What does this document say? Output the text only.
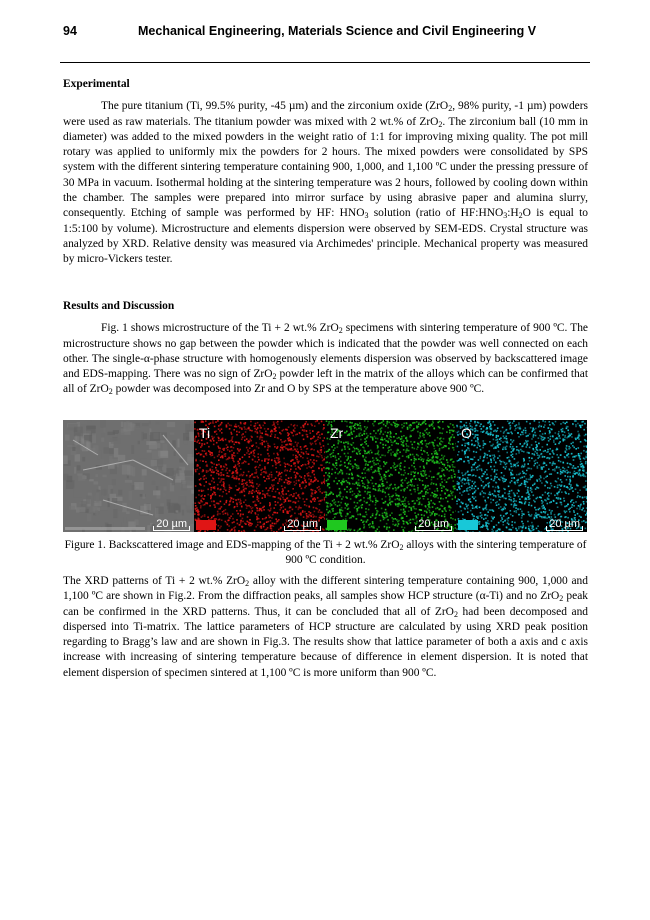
94	Mechanical Engineering, Materials Science and Civil Engineering V

Experimental

The pure titanium (Ti, 99.5% purity, -45 µm) and the zirconium oxide (ZrO$_2$, 98% purity, -1 µm) powders were used as raw materials. The titanium powder was mixed with 2 wt.% of ZrO$_2$. The zirconium ball (10 mm in diameter) was added to the mixed powders in the weight ratio of 1:1 for improving mixing quality. The pot mill rotary was applied to uniformly mix the powders for 2 hours. The mixed powders were consolidated by SPS system with the different sintering temperature containing 900, 1,000, and 1,100 ºC under the pressing pressure of 30 MPa in vacuum. Isothermal holding at the sintering temperature was 2 hours, followed by cooling down within the chamber. The samples were prepared into mirror surface by using abrasive paper and alumina slurry, consequently. Etching of sample was performed by HF: $HNO_3$ solution (ratio of $HF:HNO_3:H_2O$ is equal to 1:5:100 by volume). Microstructure and elements dispersion were observed by SEM-EDS. Crystal structure was analyzed by XRD. Relative density was measured via Archimedes' principle. Mechanical property was measured by micro-Vickers tester.

Results and Discussion

Fig. 1 shows microstructure of the Ti + 2 wt.% ZrO$_2$ specimens with sintering temperature of 900 ºC. The microstructure shows no gap between the powder which is indicated that the powder was well connected on each other. The single-α-phase structure with homogenously elements dispersion was observed by backscattered image and EDS-mapping. There was no sign of ZrO$_2$ powder left in the matrix of the alloys which can be confirmed that all of ZrO$_2$ powder was decomposed into Zr and O by SPS at the temperature above 900 ºC.

20 µm
Ti
20 µm
Zr
20 µm
O
20 µm
Figure 1. Backscattered image and EDS-mapping of the Ti + 2 wt.% ZrO$_2$ alloys with the sintering temperature of 900 ºC condition.

The XRD patterns of Ti + 2 wt.% ZrO$_2$ alloy with the different sintering temperature containing 900, 1,000 and 1,100 ºC are shown in Fig.2. From the diffraction peaks, all samples show HCP structure (α-Ti) and no ZrO$_2$ peak can be confirmed in the XRD patterns. Thus, it can be concluded that all of ZrO$_2$ had been decomposed and dispersed into Ti-matrix. The lattice parameters of HCP structure are calculated by using XRD peak position regarding to Bragg’s law and are shown in Fig.3. The results show that lattice parameter of both a axis and c axis increase with increasing of sintering temperature because of difference in element dispersion. It is noted that element dispersion of specimen sintered at 1,100 ºC is more uniform than 900 ºC.
